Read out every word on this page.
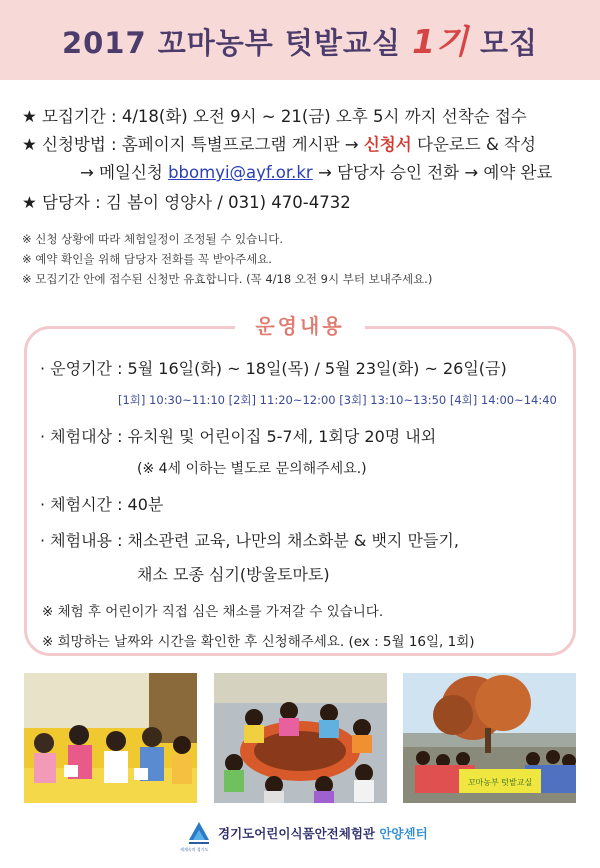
2017 꼬마농부 텃밭교실 1기 모집
★ 모집기간 : 4/18(화) 오전 9시 ~ 21(금) 오후 5시 까지 선착순 접수
★ 신청방법 : 홈페이지 특별프로그램 게시판 → 신청서 다운로드 & 작성
→ 메일신청 bbomyi@ayf.or.kr → 담당자 승인 전화 → 예약 완료
★ 담당자 : 김 봄이 영양사 / 031) 470-4732
※ 신청 상황에 따라 체험일정이 조정될 수 있습니다.
※ 예약 확인을 위해 담당자 전화를 꼭 받아주세요.
※ 모집기간 안에 접수된 신청만 유효합니다. (꼭 4/18 오전 9시 부터 보내주세요.)
운영내용
· 운영기간 : 5월 16일(화) ~ 18일(목) / 5월 23일(화) ~ 26일(금)
[1회] 10:30~11:10 [2회] 11:20~12:00 [3회] 13:10~13:50 [4회] 14:00~14:40
· 체험대상 : 유치원 및 어린이집 5-7세, 1회당 20명 내외
(※ 4세 이하는 별도로 문의해주세요.)
· 체험시간 : 40분
· 체험내용 : 채소관련 교육, 나만의 채소화분 & 뱃지 만들기,
채소 모종 심기(방울토마토)
※ 체험 후 어린이가 직접 심은 채소를 가져갈 수 있습니다.
※ 희망하는 날짜와 시간을 확인한 후 신청해주세요. (ex : 5월 16일, 1회)
꼬마농부 텃밭교실
세계속의 경기도
경기도어린이식품안전체험관 안양센터
